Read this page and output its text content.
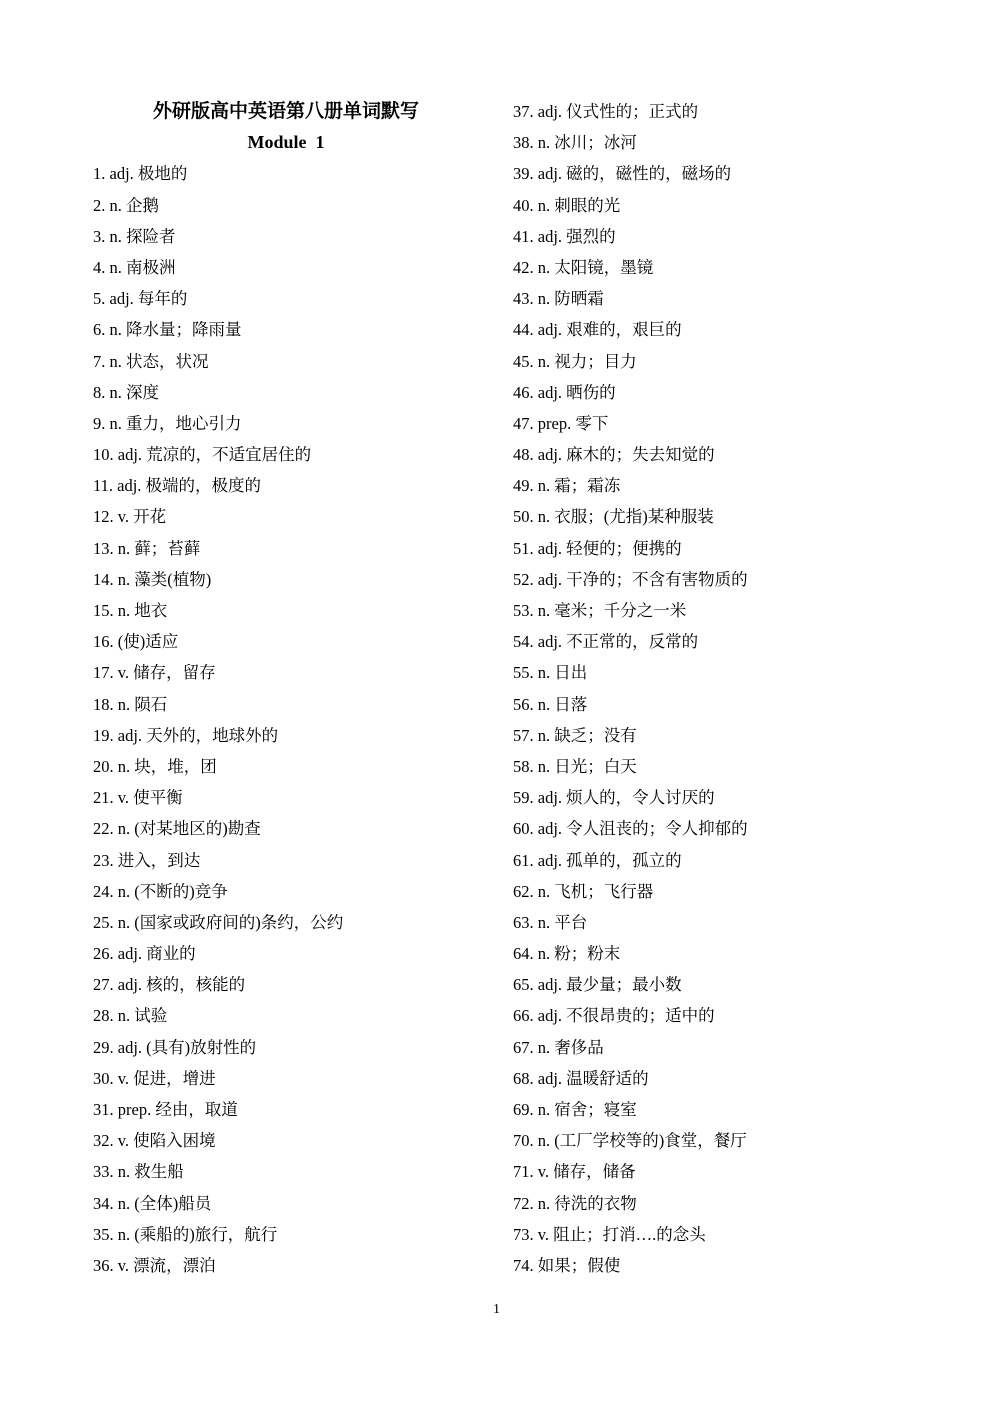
外研版高中英语第八册单词默写
Module  1
1. adj. 极地的
2. n. 企鹅
3. n. 探险者
4. n. 南极洲
5. adj. 每年的
6. n. 降水量；降雨量
7. n. 状态，状况
8. n. 深度
9. n. 重力，地心引力
10. adj. 荒凉的，不适宜居住的
11. adj. 极端的，极度的
12. v. 开花
13. n. 藓；苔藓
14. n. 藻类(植物)
15. n. 地衣
16. (使)适应
17. v. 储存，留存
18. n. 陨石
19. adj. 天外的，地球外的
20. n. 块，堆，团
21. v. 使平衡
22. n. (对某地区的)勘查
23. 进入，到达
24. n. (不断的)竞争
25. n. (国家或政府间的)条约，公约
26. adj. 商业的
27. adj. 核的，核能的
28. n. 试验
29. adj. (具有)放射性的
30. v. 促进，增进
31. prep. 经由，取道
32. v. 使陷入困境
33. n. 救生船
34. n. (全体)船员
35. n. (乘船的)旅行，航行
36. v. 漂流，漂泊
37. adj. 仪式性的；正式的
38. n. 冰川；冰河
39. adj. 磁的，磁性的，磁场的
40. n. 刺眼的光
41. adj. 强烈的
42. n. 太阳镜，墨镜
43. n. 防晒霜
44. adj. 艰难的，艰巨的
45. n. 视力；目力
46. adj. 晒伤的
47. prep. 零下
48. adj. 麻木的；失去知觉的
49. n. 霜；霜冻
50. n. 衣服；(尤指)某种服装
51. adj. 轻便的；便携的
52. adj. 干净的；不含有害物质的
53. n. 毫米；千分之一米
54. adj. 不正常的，反常的
55. n. 日出
56. n. 日落
57. n. 缺乏；没有
58. n. 日光；白天
59. adj. 烦人的，令人讨厌的
60. adj. 令人沮丧的；令人抑郁的
61. adj. 孤单的，孤立的
62. n. 飞机；飞行器
63. n. 平台
64. n. 粉；粉末
65. adj. 最少量；最小数
66. adj. 不很昂贵的；适中的
67. n. 奢侈品
68. adj. 温暖舒适的
69. n. 宿舍；寝室
70. n. (工厂学校等的)食堂，餐厅
71. v. 储存，储备
72. n. 待洗的衣物
73. v. 阻止；打消….的念头
74. 如果；假使
1
